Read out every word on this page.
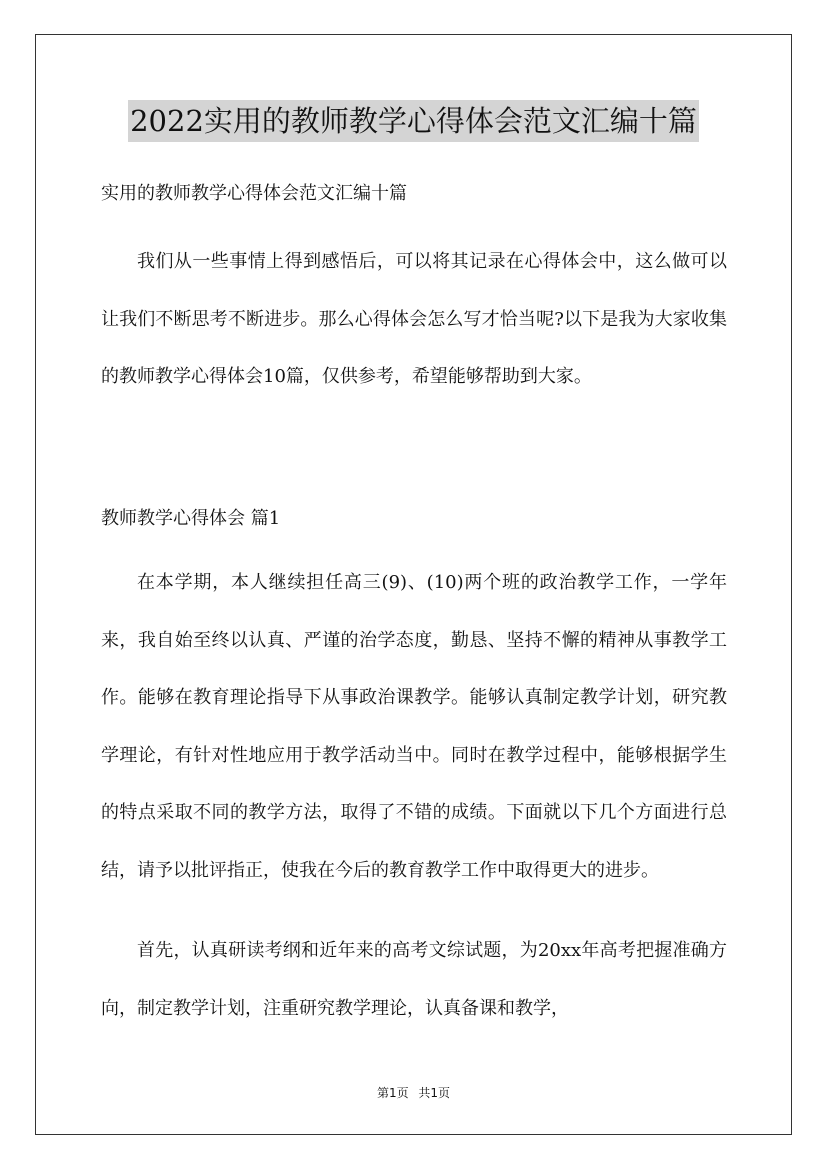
2022实用的教师教学心得体会范文汇编十篇
实用的教师教学心得体会范文汇编十篇
我们从一些事情上得到感悟后，可以将其记录在心得体会中，这么做可以让我们不断思考不断进步。那么心得体会怎么写才恰当呢?以下是我为大家收集的教师教学心得体会10篇，仅供参考，希望能够帮助到大家。
教师教学心得体会 篇1
在本学期，本人继续担任高三(9)、(10)两个班的政治教学工作，一学年来，我自始至终以认真、严谨的治学态度，勤恳、坚持不懈的精神从事教学工作。能够在教育理论指导下从事政治课教学。能够认真制定教学计划，研究教学理论，有针对性地应用于教学活动当中。同时在教学过程中，能够根据学生的特点采取不同的教学方法，取得了不错的成绩。下面就以下几个方面进行总结，请予以批评指正，使我在今后的教育教学工作中取得更大的进步。
首先，认真研读考纲和近年来的高考文综试题，为20xx年高考把握准确方向，制定教学计划，注重研究教学理论，认真备课和教学，
第1页 共1页
